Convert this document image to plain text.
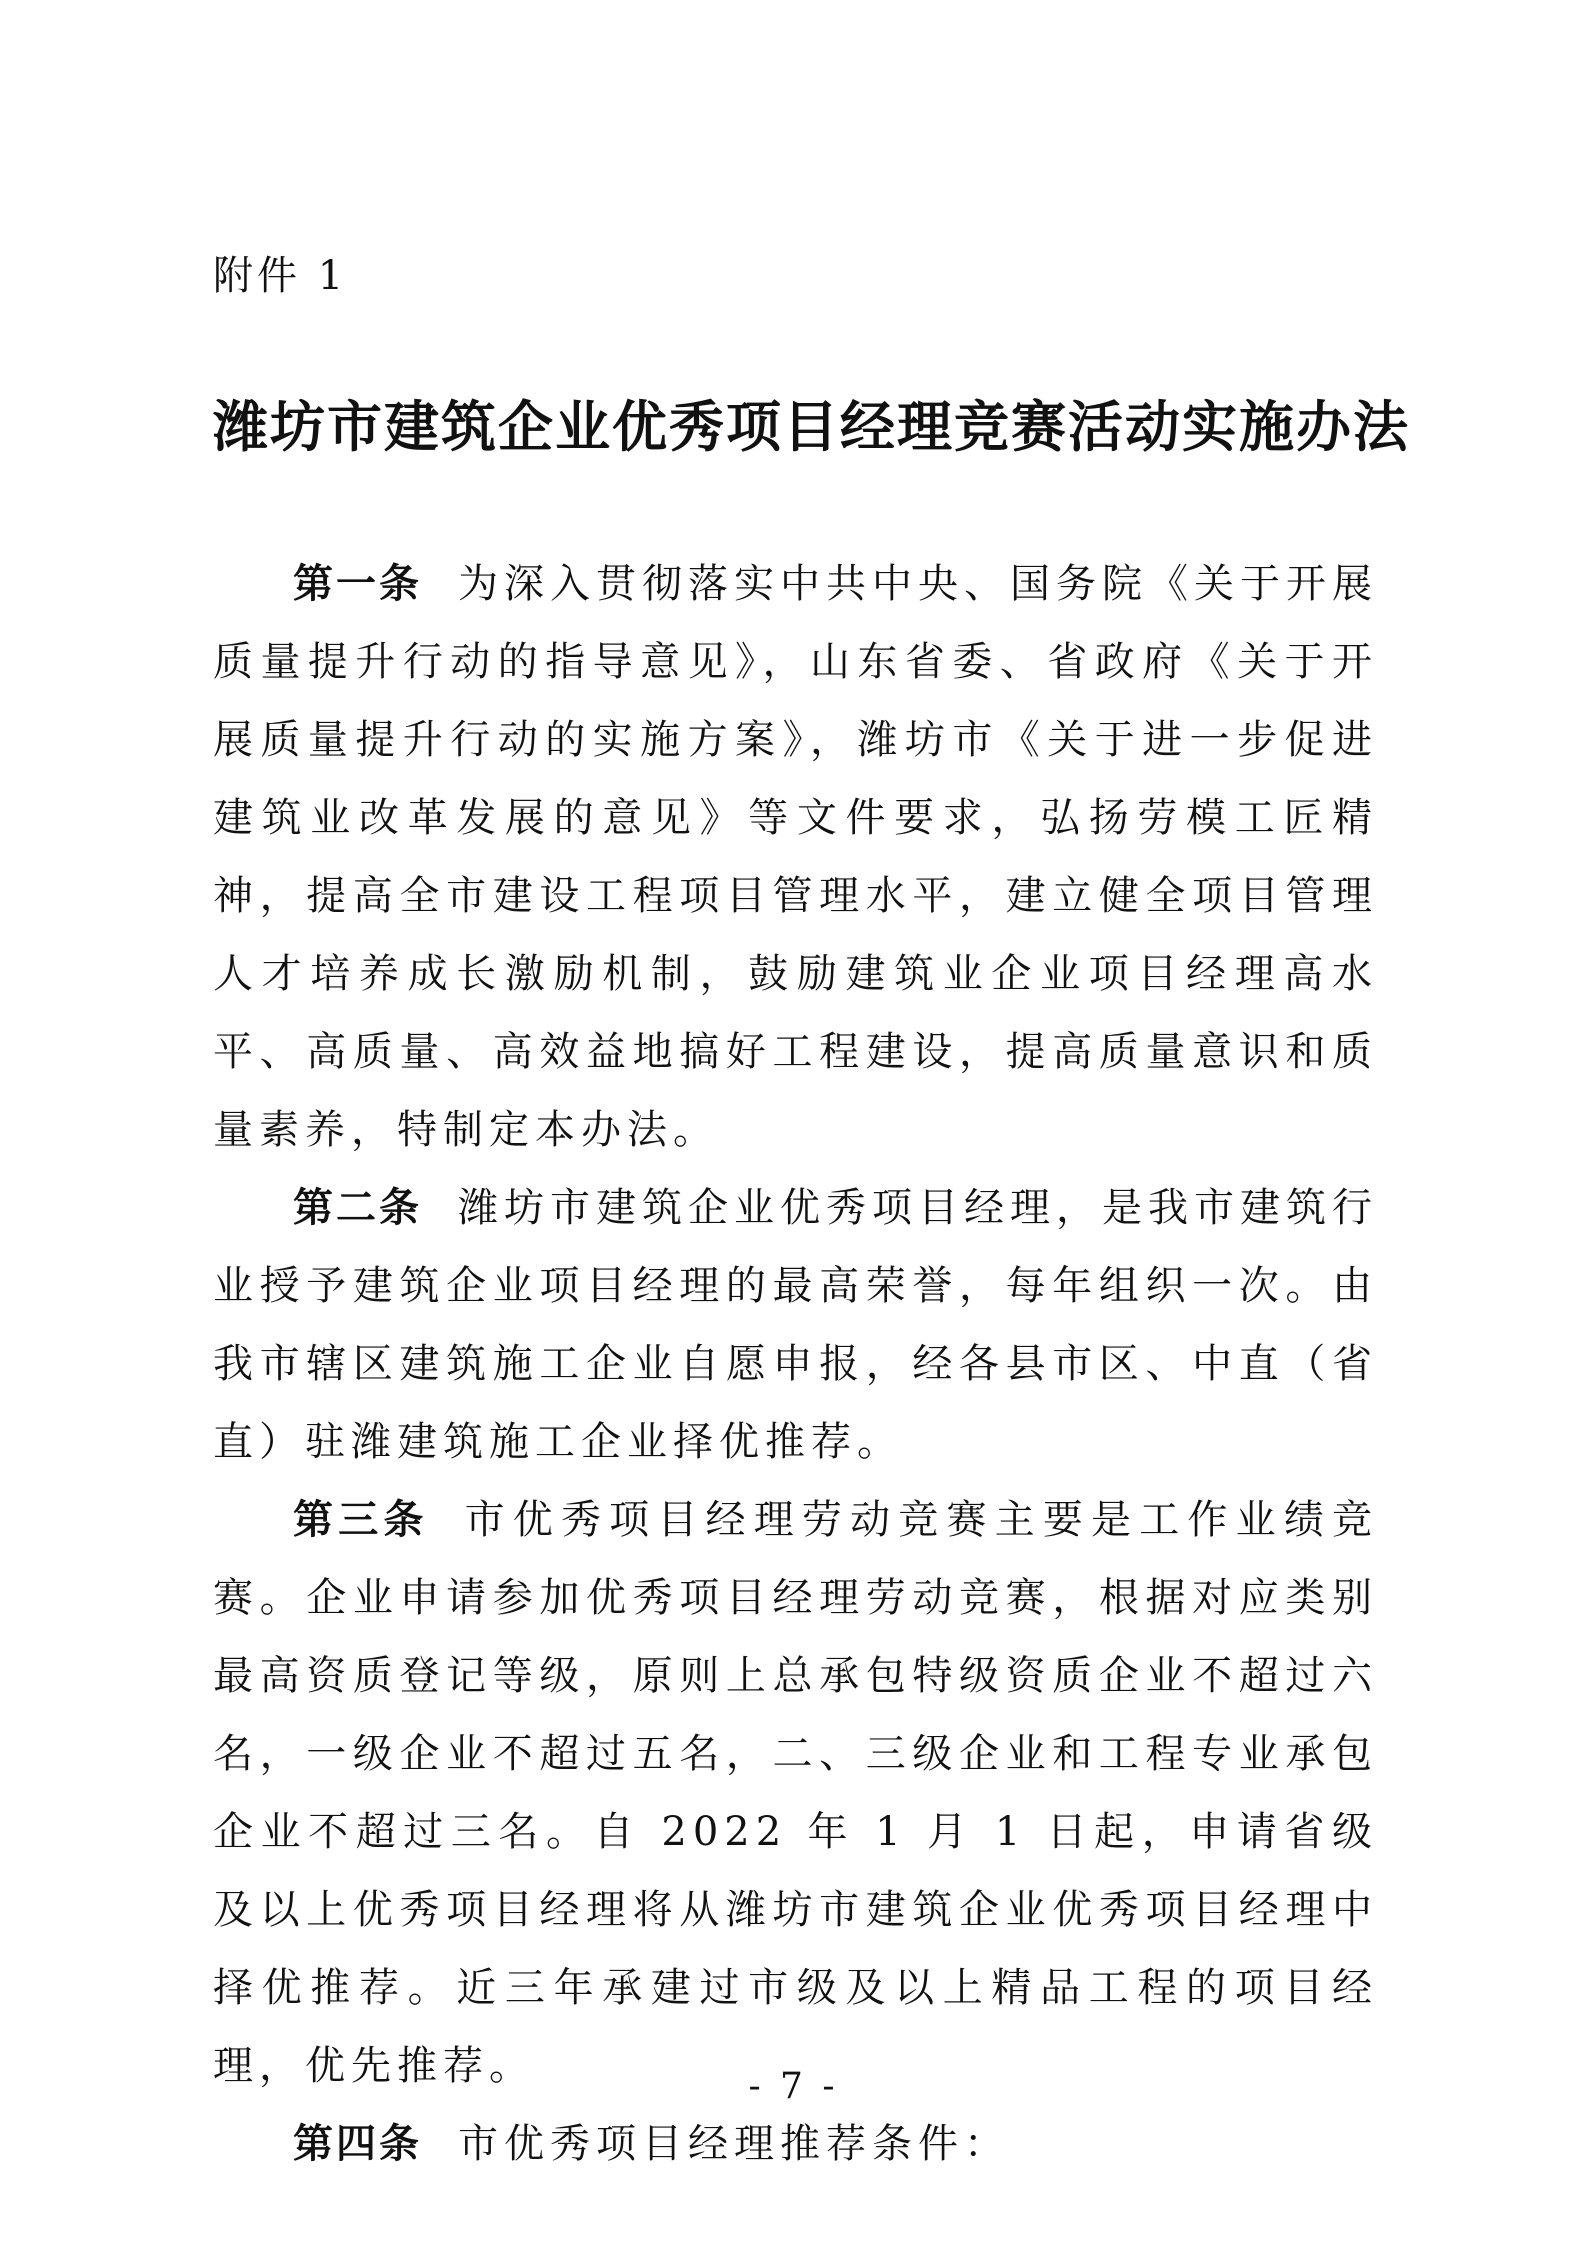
附件 1
潍坊市建筑企业优秀项目经理竞赛活动实施办法

第一条 为深入贯彻落实中共中央、国务院《关于开展质量提升行动的指导意见》，山东省委、省政府《关于开展质量提升行动的实施方案》，潍坊市《关于进一步促进建筑业改革发展的意见》等文件要求，弘扬劳模工匠精神，提高全市建设工程项目管理水平，建立健全项目管理人才培养成长激励机制，鼓励建筑业企业项目经理高水平、高质量、高效益地搞好工程建设，提高质量意识和质量素养，特制定本办法。

第二条 潍坊市建筑企业优秀项目经理，是我市建筑行业授予建筑企业项目经理的最高荣誉，每年组织一次。由我市辖区建筑施工企业自愿申报，经各县市区、中直（省直）驻潍建筑施工企业择优推荐。

第三条 市优秀项目经理劳动竞赛主要是工作业绩竞赛。企业申请参加优秀项目经理劳动竞赛，根据对应类别最高资质登记等级，原则上总承包特级资质企业不超过六名，一级企业不超过五名，二、三级企业和工程专业承包企业不超过三名。自 2022 年 1 月 1 日起，申请省级及以上优秀项目经理将从潍坊市建筑企业优秀项目经理中择优推荐。近三年承建过市级及以上精品工程的项目经理，优先推荐。

第四条 市优秀项目经理推荐条件：

- 7 -
